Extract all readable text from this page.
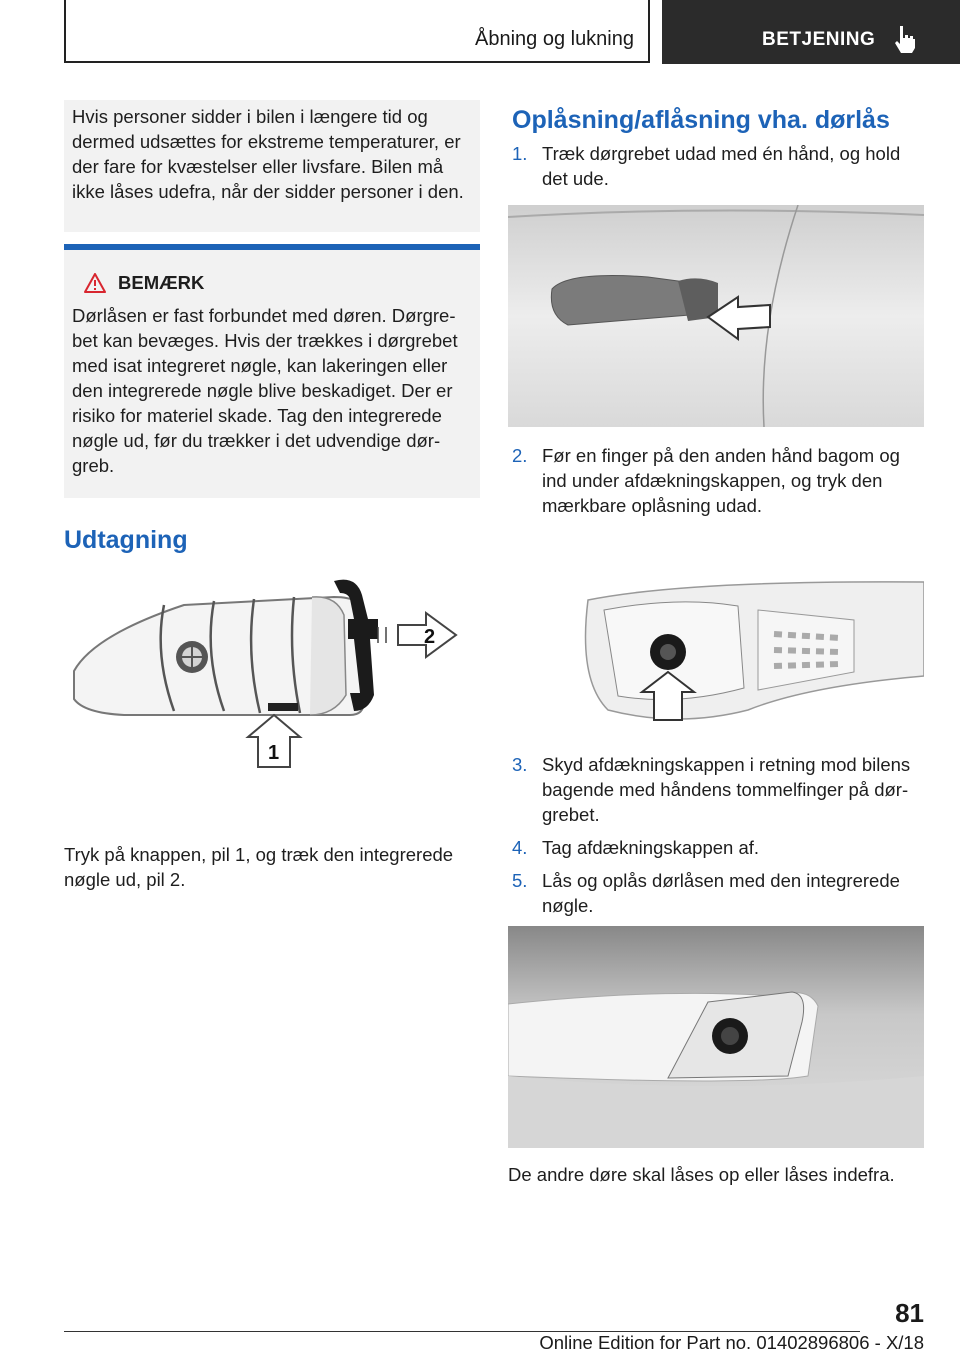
Åbning og lukning	BETJENING
Hvis personer sidder i bilen i længere tid og dermed udsættes for ekstreme temperaturer, er der fare for kvæstelser eller livsfare. Bilen må ikke låses udefra, når der sidder personer i den.
BEMÆRK
Dørlåsen er fast forbundet med døren. Dørgrebet kan bevæges. Hvis der trækkes i dørgrebet med isat integreret nøgle, kan lakeringen eller den integrerede nøgle blive beskadiget. Der er risiko for materiel skade. Tag den integrerede nøgle ud, før du trækker i det udvendige dørgreb.
Udtagning
2
1
Tryk på knappen, pil 1, og træk den integrerede nøgle ud, pil 2.
Oplåsning/aflåsning vha. dørlås
1. Træk dørgrebet udad med én hånd, og hold det ude.
2. Før en finger på den anden hånd bagom og ind under afdækningskappen, og tryk den mærkbare oplåsning udad.
3. Skyd afdækningskappen i retning mod bilens bagende med håndens tommelfinger på dørgrebet.
4. Tag afdækningskappen af.
5. Lås og oplås dørlåsen med den integrerede nøgle.
De andre døre skal låses op eller låses indefra.
81
Online Edition for Part no. 01402896806 - X/18
